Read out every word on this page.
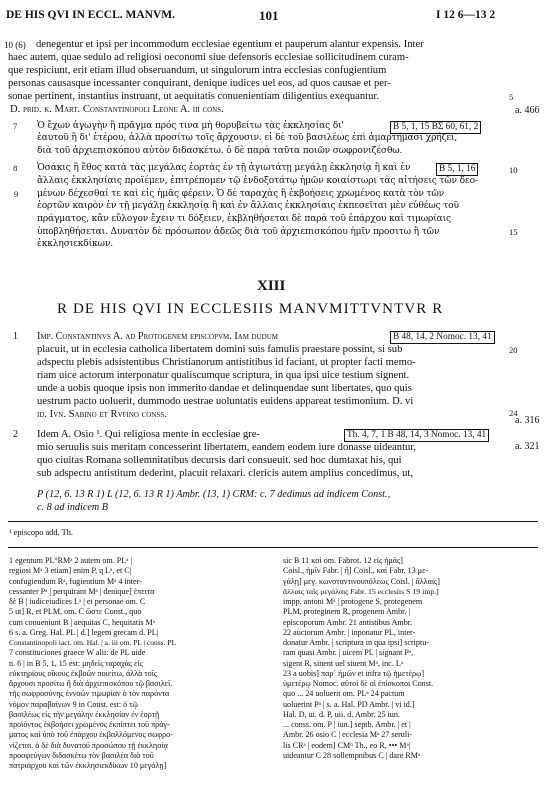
DE HIS QVI IN ECCL. MANVM.	101	I 12 6—13 2
10 (6) denegentur et ipsi per incommodum ecclesiae egentium et pauperum alantur expensis. Inter
haec autem, quae sedulo ad religiosi oeconomi siue defensoris ecclesiae sollicitudinem curam-
que respiciunt, erit etiam illud obseruandum, ut singulorum intra ecclesias confugientium
personas causasque incessanter conquirant, denique iudices uel eos, ad quos causae et per-
sonae pertinent, instantius instruant, ut aequitatis conuenientiam diligentius exequantur.
D. prid. k. Mart. Constantinopoli Leone A. iii cons.
5
a. 466
7 Ὁ ἔχων ἀγωγὴν ἢ πρᾶγμα πρός τινα μὴ θορυβείτω τὰς ἐκκλησίας δι'	B 5, 1, 15 ΒΣ 60, 61, 2
ἑαυτοῦ ἢ δι' ἑτέρου, ἀλλὰ προσίτω τοῖς ἄρχουσιν. εἰ δὲ τοῦ βασιλέως ἐπὶ ἁμαρτήμασι χρήζει,
διὰ τοῦ ἀρχιεπισκόπου αὐτὸν διδασκέτω. ὁ δὲ παρὰ ταῦτα ποιῶν σωφρονιζέσθω.
8 Ὁσάκις ἢ ἔθος κατὰ τὰς μεγάλας ἑορτὰς ἐν τῇ ἁγιωτάτῃ μεγάλῃ ἐκκλησίᾳ ἢ καὶ ἐν	B 5, 1, 16	10
ἄλλαις ἐκκλησίαις προϊέμεν, ἐπιτρέπομεν τῷ ἐνδοξοτάτῳ ἡμῶν κοιαίστωρι τὰς αἰτήσεις τῶν δεο-
μένων δέχεσθαί τε καὶ εἰς ἡμᾶς φέρειν. Ὁ δὲ ταραχὰς ἢ ἐκβοήσεις χρωμένος κατὰ τὸν τῶν
9
ἑορτῶν καιρὸν ἐν τῇ μεγάλῃ ἐκκλησίᾳ ἢ καὶ ἐν ἄλλαις ἐκκλησίαις ἐκπεσεῖται μὲν εὐθέως τοῦ
πράγματος, κἂν εὔλογον ἔχειν τι δόξειεν, ἐκβληθήσεται δὲ παρὰ τοῦ ἐπάρχου καὶ τιμωρίαις
ὑποβληθήσεται. Δυνατὸν δὲ πρόσωπον ἀδεῶς διὰ τοῦ ἀρχιεπισκόπου ἡμῖν προσιτω ἢ τῶν	15
ἐκκλησιεκδίκων.
XIII
R DE HIS QVI IN ECCLESIIS MANVMITTVNTVR R
1 Imp. Constantinvs A. ad Protogenem episcopvm. Iam dudum	B 48, 14, 2 Nomoc. 13, 41
placuit, ut in ecclesia catholica libertatem domini suis famulis praestare possint, si sub	20
adspectu plebis adsistentibus Christianorum antistitibus id faciant, ut propter facti memo-
riam uice actorum interponatur qualiscumque scriptura, in qua ipsi uice testium signent.
unde a uobis quoque ipsis non immerito dandae et delinquendae sunt libertates, quo quis
uestrum pacto uoluerit, dummodo uestrae uoluntatis euidens appareat testimonium. D. vi
id. Ivn. Sabino et Rvfino conss.	24
a. 316
2 Idem A. Osio ¹. Qui religiosa mente in ecclesiae gre-	Th. 4, 7, 1 B 48, 14, 3 Nomoc. 13, 41
a. 321
mio seruulis suis meritam concesserint libertatem, eandem eodem iure donasse uideantur,
quo ciuitas Romana sollemnitatibus decursis dari consueuit. sed hoc dumtaxat his, qui
sub adspectu antistitum dederint, placuit relaxari. clericis autem amplius concedimus, ut,
P (12, 6. 13 R 1) L (12, 6. 13 R 1) Ambr. (13, 1) CRM: c. 7 dedimus ad indicem Const.,
c. 8 ad indicem B
¹ episcopo add. Th.
1 egentum PL°RMᵃ 2 autem om. PLᵃ |
regiosi Mᵃ 3 etiam] enim P, ɥ Lᵃ, et C|
confugiendum Rᵃ, fugientium Mᵃ 4 inter-
cessanter Pᵃ | perquirant Mᵃ | denique] ἐπειτα
δὲ B | iudiceiudices Lᵃ | et personae om. C
5 ut] R, et PLM, om. C ὥστε Const., quo
cum conueniunt B | aequitas C, hequitatis Mᵃ
6 s. a. Greg. Hal. PL | d.] legem grecam d. PL|
Constantinopoli iact. om. Hal. | a. iii om. PL | conss. PL
7 constituciones graece W alii: de PL uide
n. 6 | in B 5, 1, 15 est: μηδεὶς ταραχὰς εἰς
εὐκτηρίους οἴκους ἐκβοῶν ποιείτω, ἀλλὰ τοῖς
ἄρχουσι προσίτω ἢ διὰ ἀρχιεπισκόπου τῷ βασιλεῖ.
τῆς σωφροσύνης ἐννοών τιμωρίαν ὁ τὸν παρόντα
νόμον παραβαίνων 9 in Const. est: ὁ τῷ
βασιλέως εἰς τὴν μεγάλην ἐκκλησίαν ἐν ἑορτῇ
προϊόντος ἐκβοήσει χρωμένος ἐκπίπτει τοῦ πράγ-
ματος καὶ ὑπὸ τοῦ ἐπάρχου ἐκβαλλόμενος σωφρο-
νίζεται. ὁ δὲ διὰ δυνατοῦ προσώπου τῇ ἐκκλησίᾳ
προσφεύγων διδασκέτω τὸν βασιλέα διὰ τοῦ
πατριάρχου καὶ τῶν ἐκκλησιεκδίκων 10 μεγάλῃ]
sic B 11 καὶ om. Fabrot. 12 εἰς ἡμᾶς]
Coisl., ἡμῖν Fabr. | ἢ] Coisl., καὶ Fabr. 13 με-
γάλῃ] μεγ. κωνσταντινουπόλεως Coisl. | ἄλλαις]
ἄλλαις ταῖς μεγάλαις Fabr. 15 ecclesiis S 19 imp.]
impp. antoni Mᵃ | protogene S, protegenem
PLM, proteginem R, progenem Ambr. |
episcoporum Ambr. 21 antistibus Ambr.
22 auctorum Ambr. | inponatur PL, inter-
donatur Ambr. | scriptura in qua ipsi] scriptu-
ram quasi Ambr. | uicem PL | signant Pᵃ,
sigent R, sinent uel siuent Mᵃ, inc. Lᵃ
23 a uobis] παρ᾽ ἡμῶν et infra τῷ ἡμετέρῳ]
ὑμετέρῳ Nomoc. αὐτοὶ δὲ οἱ ἐπίσκοποι Const.
quo ... 24 uoluerit om. PLᵃ 24 pactum
uoluerint Pᵃ | s. a. Hal. PD Ambr. | vi id.]
Hal. D, ui. d. P, uii. d. Ambr. 25 iun.
... conss. om. P | iun.] septb. Ambr. | et |
Ambr. 26 osio C | ecclesia Mᵃ 27 seruli-
lis CRᵃ | eodem] CMᵇ Th., eo R, ••• Mᵃ|
uideantur C 28 sollempnibus C | dare RMᵃ
